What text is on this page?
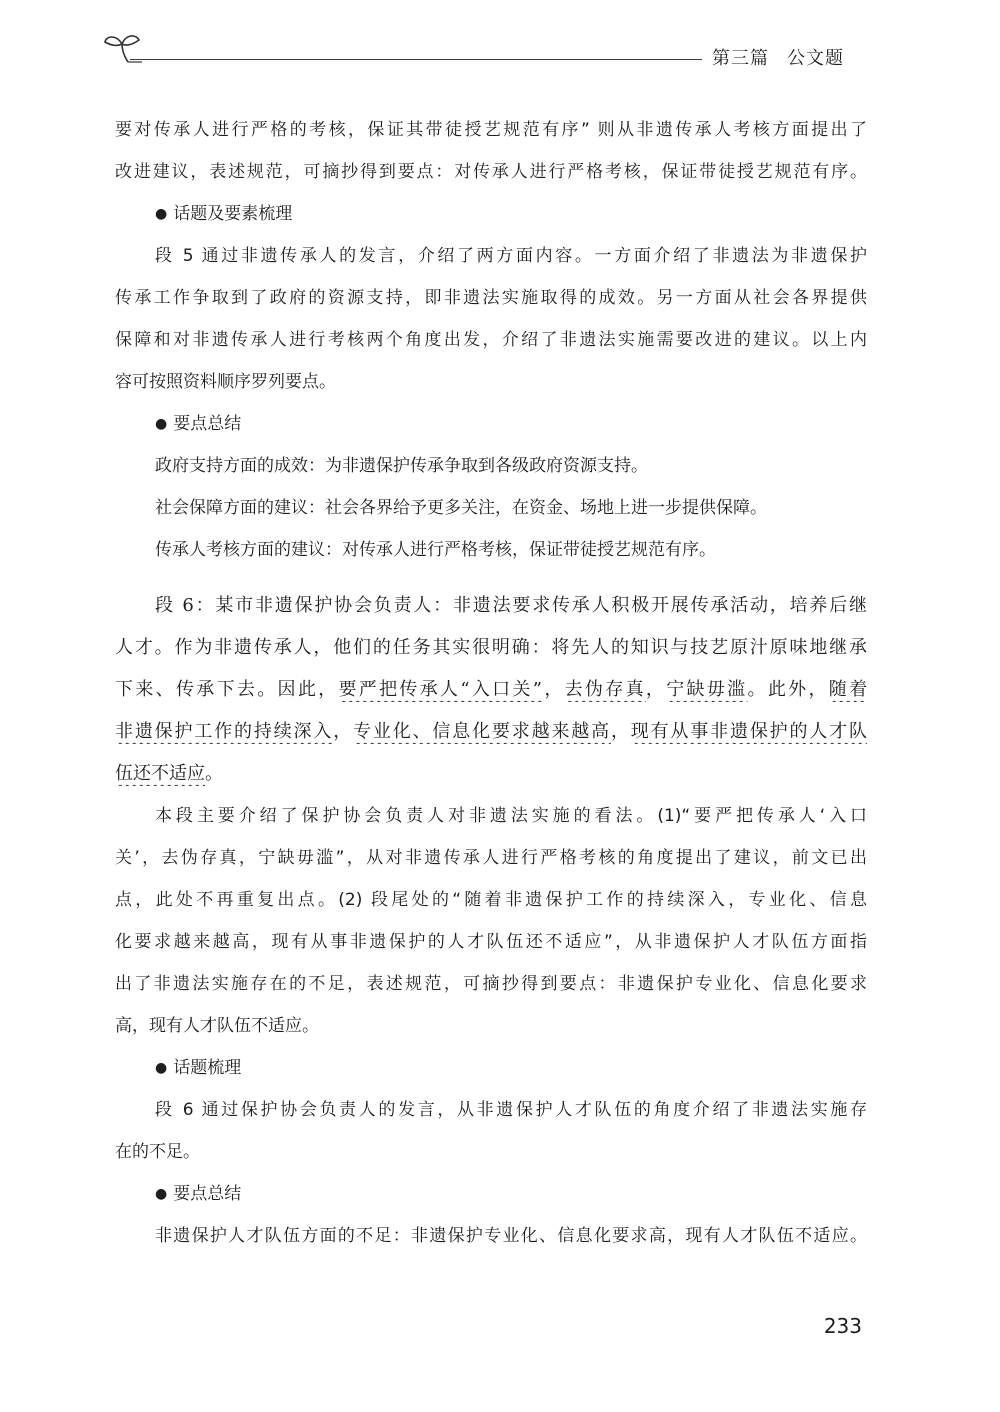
第三篇 公文题
要对传承人进行严格的考核，保证其带徒授艺规范有序” 则从非遗传承人考核方面提出了
改进建议，表述规范，可摘抄得到要点：对传承人进行严格考核，保证带徒授艺规范有序。
● 话题及要素梳理
段 5 通过非遗传承人的发言，介绍了两方面内容。一方面介绍了非遗法为非遗保护
传承工作争取到了政府的资源支持，即非遗法实施取得的成效。另一方面从社会各界提供
保障和对非遗传承人进行考核两个角度出发，介绍了非遗法实施需要改进的建议。以上内
容可按照资料顺序罗列要点。
● 要点总结
政府支持方面的成效：为非遗保护传承争取到各级政府资源支持。
社会保障方面的建议：社会各界给予更多关注，在资金、场地上进一步提供保障。
传承人考核方面的建议：对传承人进行严格考核，保证带徒授艺规范有序。
段 6：某市非遗保护协会负责人：非遗法要求传承人积极开展传承活动，培养后继
人才。作为非遗传承人，他们的任务其实很明确：将先人的知识与技艺原汁原味地继承
下来、传承下去。因此，要严把传承人“入口关”，去伪存真，宁缺毋滥。此外，随着
非遗保护工作的持续深入，专业化、信息化要求越来越高，现有从事非遗保护的人才队
伍还不适应。
本段主要介绍了保护协会负责人对非遗法实施的看法。(1)“要严把传承人‘入口
关’，去伪存真，宁缺毋滥”，从对非遗传承人进行严格考核的角度提出了建议，前文已出
点，此处不再重复出点。(2) 段尾处的“随着非遗保护工作的持续深入，专业化、信息
化要求越来越高，现有从事非遗保护的人才队伍还不适应”，从非遗保护人才队伍方面指
出了非遗法实施存在的不足，表述规范，可摘抄得到要点：非遗保护专业化、信息化要求
高，现有人才队伍不适应。
● 话题梳理
段 6 通过保护协会负责人的发言，从非遗保护人才队伍的角度介绍了非遗法实施存
在的不足。
● 要点总结
非遗保护人才队伍方面的不足：非遗保护专业化、信息化要求高，现有人才队伍不适应。
233
